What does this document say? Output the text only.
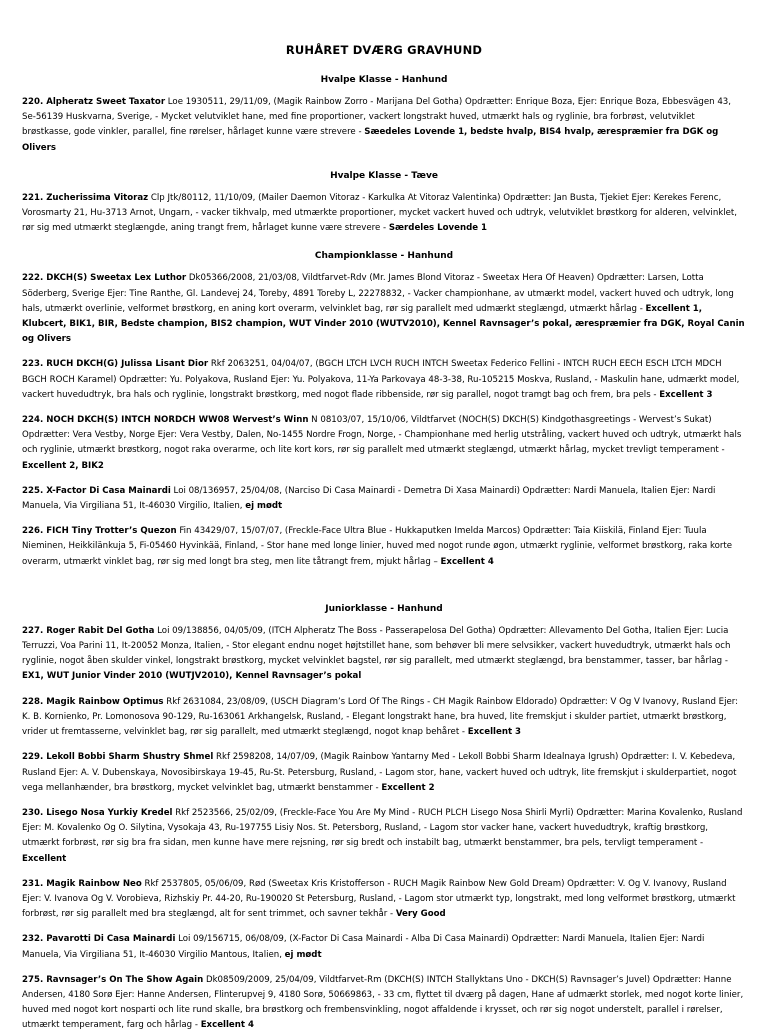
RUHÅRET DVÆRG GRAVHUND
Hvalpe Klasse - Hanhund

220. Alpheratz Sweet Taxator Loe 1930511, 29/11/09, (Magik Rainbow Zorro - Marijana Del Gotha) Opdrætter: Enrique Boza, Ejer: Enrique Boza, Ebbesvägen 43, Se-56139 Huskvarna, Sverige, - Mycket velutviklet hane, med fine proportioner, vackert longstrakt huved, utmærkt hals og ryglinie, bra forbrøst, velutviklet brøstkasse, gode vinkler, parallel, fine rørelser, hårlaget kunne være strevere - Sæedeles Lovende 1, bedste hvalp, BIS4 hvalp, ærespræmier fra DGK og Olivers

Hvalpe Klasse - Tæve

221. Zucherissima Vitoraz Clp Jtk/80112, 11/10/09, (Mailer Daemon Vitoraz - Karkulka At Vitoraz Valentinka) Opdrætter: Jan Busta, Tjekiet Ejer: Kerekes Ferenc, Vorosmarty 21, Hu-3713 Arnot, Ungarn, - vacker tikhvalp, med utmærkte proportioner, mycket vackert huved och udtryk, velutviklet brøstkorg for alderen, velvinklet, rør sig med utmærkt steglængde, aning trangt frem, hårlaget kunne være strevere - Særdeles Lovende 1

Championklasse - Hanhund

222. DKCH(S) Sweetax Lex Luthor Dk05366/2008, 21/03/08, Vildtfarvet-Rdv (Mr. James Blond Vitoraz - Sweetax Hera Of Heaven) Opdrætter: Larsen, Lotta Söderberg, Sverige Ejer: Tine Ranthe, Gl. Landevej 24, Toreby, 4891 Toreby L, 22278832, - Vacker championhane, av utmærkt model, vackert huved och udtryk, long hals, utmærkt overlinie, velformet brøstkorg, en aning kort overarm, velvinklet bag, rør sig parallelt med udmærkt steglængd, utmærkt hårlag - Excellent 1, Klubcert, BIK1, BIR, Bedste champion, BIS2 champion, WUT Vinder 2010 (WUTV2010), Kennel Ravnsager’s pokal, ærespræmier fra DGK, Royal Canin og Olivers

223. RUCH DKCH(G) Julissa Lisant Dior Rkf 2063251, 04/04/07, (BGCH LTCH LVCH RUCH INTCH Sweetax Federico Fellini - INTCH RUCH EECH ESCH LTCH MDCH BGCH ROCH Karamel) Opdrætter: Yu. Polyakova, Rusland Ejer: Yu. Polyakova, 11-Ya Parkovaya 48-3-38, Ru-105215 Moskva, Rusland, - Maskulin hane, udmærkt model, vackert huvedudtryk, bra hals och ryglinie, longstrakt brøstkorg, med nogot flade ribbenside, rør sig parallel, nogot tramgt bag och frem, bra pels - Excellent 3

224. NOCH DKCH(S) INTCH NORDCH WW08 Wervest’s Winn N 08103/07, 15/10/06, Vildtfarvet (NOCH(S) DKCH(S) Kindgothasgreetings - Wervest’s Sukat) Opdrætter: Vera Vestby, Norge Ejer: Vera Vestby, Dalen, No-1455 Nordre Frogn, Norge, - Championhane med herlig utstråling, vackert huved och udtryk, utmærkt hals och ryglinie, utmærkt brøstkorg, nogot raka overarme, och lite kort kors, rør sig parallelt med utmærkt steglængd, utmærkt hårlag, mycket trevligt temperament - Excellent 2, BIK2

225. X-Factor Di Casa Mainardi Loi 08/136957, 25/04/08, (Narciso Di Casa Mainardi - Demetra Di Xasa Mainardi) Opdrætter: Nardi Manuela, Italien Ejer: Nardi Manuela, Via Virgiliana 51, It-46030 Virgilio, Italien, ej mødt

226. FICH Tiny Trotter’s Quezon Fin 43429/07, 15/07/07, (Freckle-Face Ultra Blue - Hukkaputken Imelda Marcos) Opdrætter: Taia Kiiskilä, Finland Ejer: Tuula Nieminen, Heikkilänkuja 5, Fi-05460 Hyvinkää, Finland, - Stor hane med longe linier, huved med nogot runde øgon, utmærkt ryglinie, velformet brøstkorg, raka korte overarm, utmærkt vinklet bag, rør sig med longt bra steg, men lite tåtrangt frem, mjukt hårlag – Excellent 4

Juniorklasse - Hanhund

227. Roger Rabit Del Gotha Loi 09/138856, 04/05/09, (ITCH Alpheratz The Boss - Passerapelosa Del Gotha) Opdrætter: Allevamento Del Gotha, Italien Ejer: Lucia Terruzzi, Voa Parini 11, It-20052 Monza, Italien, - Stor elegant endnu noget højtstillet hane, som behøver bli mere selvsikker, vackert huvedudtryk, utmærkt hals och ryglinie, nogot åben skulder vinkel, longstrakt brøstkorg, mycket velvinklet bagstel, rør sig parallelt, med utmærkt steglængd, bra benstammer, tasser, bar hårlag - EX1, WUT Junior Vinder 2010 (WUTJV2010), Kennel Ravnsager’s pokal

228. Magik Rainbow Optimus Rkf 2631084, 23/08/09, (USCH Diagram’s Lord Of The Rings - CH Magik Rainbow Eldorado) Opdrætter: V Og V Ivanovy, Rusland Ejer: K. B. Kornienko, Pr. Lomonosova 90-129, Ru-163061 Arkhangelsk, Rusland, - Elegant longstrakt hane, bra huved, lite fremskjut i skulder partiet, utmærkt brøstkorg, vrider ut fremtasserne, velvinklet bag, rør sig parallelt, med utmærkt steglængd, nogot knap behåret - Excellent 3

229. Lekoll Bobbi Sharm Shustry Shmel Rkf 2598208, 14/07/09, (Magik Rainbow Yantarny Med - Lekoll Bobbi Sharm Idealnaya Igrush) Opdrætter: I. V. Kebedeva, Rusland Ejer: A. V. Dubenskaya, Novosibirskaya 19-45, Ru-St. Petersburg, Rusland, - Lagom stor, hane, vackert huved och udtryk, lite fremskjut i skulderpartiet, nogot vega mellanhænder, bra brøstkorg, mycket velvinklet bag, utmærkt benstammer - Excellent 2

230. Lisego Nosa Yurkiy Kredel Rkf 2523566, 25/02/09, (Freckle-Face You Are My Mind - RUCH PLCH Lisego Nosa Shirli Myrli) Opdrætter: Marina Kovalenko, Rusland Ejer: M. Kovalenko Og O. Silytina, Vysokaja 43, Ru-197755 Lisiy Nos. St. Petersborg, Rusland, - Lagom stor vacker hane, vackert huvedudtryk, kraftig brøstkorg, utmærkt forbrøst, rør sig bra fra sidan, men kunne have mere rejsning, rør sig bredt och instabilt bag, utmærkt benstammer, bra pels, tervligt temperament - Excellent

231. Magik Rainbow Neo Rkf 2537805, 05/06/09, Rød (Sweetax Kris Kristofferson - RUCH Magik Rainbow New Gold Dream) Opdrætter: V. Og V. Ivanovy, Rusland Ejer: V. Ivanova Og V. Vorobieva, Rizhskiy Pr. 44-20, Ru-190020 St Petersburg, Rusland, - Lagom stor utmærkt typ, longstrakt, med long velformet brøstkorg, utmærkt forbrøst, rør sig parallelt med bra steglængd, alt for sent trimmet, och savner tekhår - Very Good

232. Pavarotti Di Casa Mainardi Loi 09/156715, 06/08/09, (X-Factor Di Casa Mainardi - Alba Di Casa Mainardi) Opdrætter: Nardi Manuela, Italien Ejer: Nardi Manuela, Via Virgiliana 51, It-46030 Virgilio Mantous, Italien, ej mødt

275. Ravnsager’s On The Show Again Dk08509/2009, 25/04/09, Vildtfarvet-Rm (DKCH(S) INTCH Stallyktans Uno - DKCH(S) Ravnsager’s Juvel) Opdrætter: Hanne Andersen, 4180 Sorø Ejer: Hanne Andersen, Flinterupvej 9, 4180 Sorø, 50669863, - 33 cm, flyttet til dværg på dagen, Hane af udmærkt storlek, med nogot korte linier, huved med nogot kort nosparti och lite rund skalle, bra brøstkorg och frembensvinkling, nogot affaldende i krysset, och rør sig nogot understelt, parallel i rørelser, utmærkt temperament, farg och hårlag - Excellent 4
